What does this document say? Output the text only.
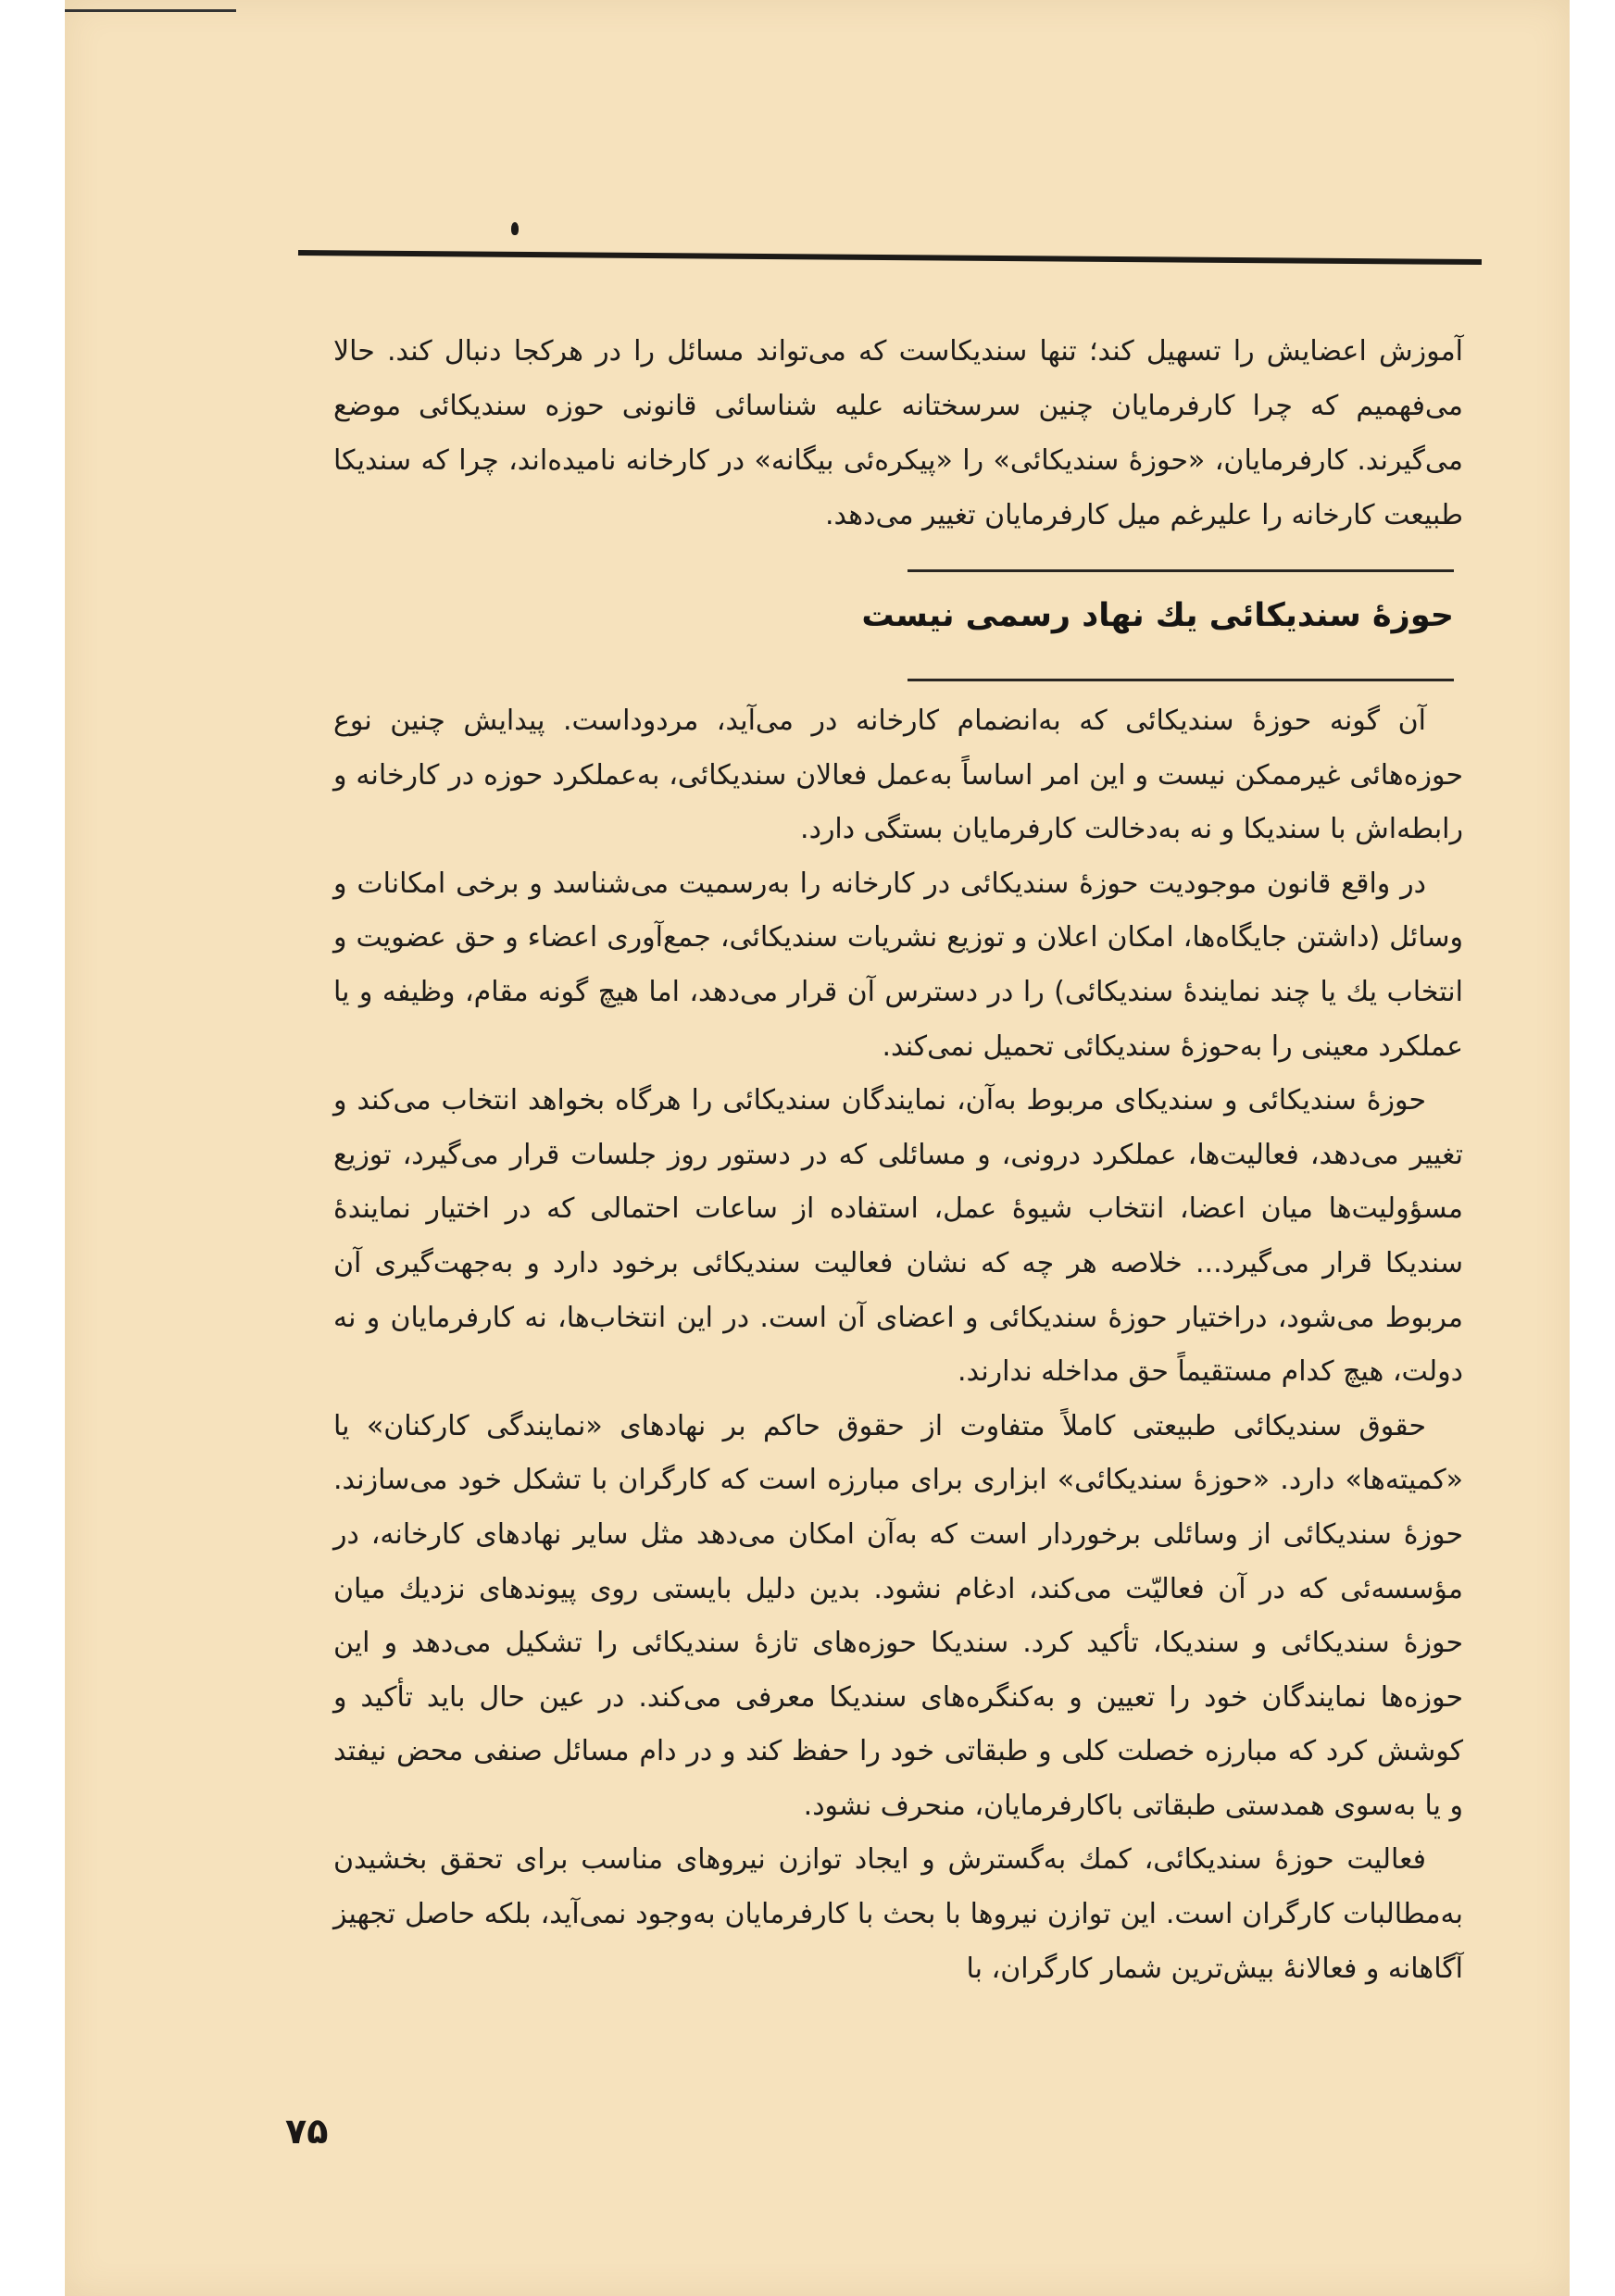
آموزش اعضایش را تسهیل کند؛ تنها سندیکاست که می‌تواند مسائل را در هرکجا دنبال کند. حالا می‌فهمیم که چرا کارفرمایان چنین سرسختانه علیه شناسائی قانونی حوزه سندیکائی موضع می‌گیرند. کارفرمایان، «حوزهٔ سندیکائی» را «پیکره‌ئی بیگانه» در کارخانه نامیده‌اند، چرا که سندیکا طبیعت کارخانه را علیرغم میل کارفرمایان تغییر می‌دهد.
حوزهٔ سندیکائی یك نهاد رسمی نیست

آن گونه حوزهٔ سندیکائی که به‌انضمام کارخانه در می‌آید، مردوداست. پیدایش چنین نوع حوزه‌هائی غیرممکن نیست و این امر اساساً به‌عمل فعالان سندیکائی، به‌عملکرد حوزه در کارخانه و رابطه‌اش با سندیکا و نه به‌دخالت کارفرمایان بستگی دارد.

در واقع قانون موجودیت حوزهٔ سندیکائی در کارخانه را به‌رسمیت می‌شناسد و برخی امکانات و وسائل (داشتن جایگاه‌ها، امکان اعلان و توزیع نشریات سندیکائی، جمع‌آوری اعضاء و حق عضویت و انتخاب یك یا چند نمایندهٔ سندیکائی) را در دسترس آن قرار می‌دهد، اما هیچ گونه مقام، وظیفه و یا عملکرد معینی را به‌حوزهٔ سندیکائی تحمیل نمی‌کند.

حوزهٔ سندیکائی و سندیکای مربوط به‌آن، نمایندگان سندیکائی را هرگاه بخواهد انتخاب می‌کند و تغییر می‌دهد، فعالیت‌ها، عملکرد درونی، و مسائلی که در دستور روز جلسات قرار می‌گیرد، توزیع مسؤولیت‌ها میان اعضا، انتخاب شیوهٔ عمل، استفاده از ساعات احتمالی که در اختیار نمایندهٔ سندیکا قرار می‌گیرد... خلاصه هر چه که نشان فعالیت سندیکائی برخود دارد و به‌جهت‌گیری آن مربوط می‌شود، دراختیار حوزهٔ سندیکائی و اعضای آن است. در این انتخاب‌ها، نه کارفرمایان و نه دولت، هیچ کدام مستقیماً حق مداخله ندارند.

حقوق سندیکائی طبیعتی کاملاً متفاوت از حقوق حاکم بر نهادهای «نمایندگی کارکنان» یا «کمیته‌ها» دارد. «حوزهٔ سندیکائی» ابزاری برای مبارزه است که کارگران با تشکل خود می‌سازند. حوزهٔ سندیکائی از وسائلی برخوردار است که به‌آن امکان می‌دهد مثل سایر نهادهای کارخانه، در مؤسسه‌ئی که در آن فعالیّت می‌کند، ادغام نشود. بدین دلیل بایستی روی پیوندهای نزدیك میان حوزهٔ سندیکائی و سندیکا، تأکید کرد. سندیکا حوزه‌های تازهٔ سندیکائی را تشکیل می‌دهد و این حوزه‌ها نمایندگان خود را تعیین و به‌کنگره‌های سندیکا معرفی می‌کند. در عین حال باید تأکید و کوشش کرد که مبارزه خصلت کلی و طبقاتی خود را حفظ کند و در دام مسائل صنفی محض نیفتد و یا به‌سوی همدستی طبقاتی باکارفرمایان، منحرف نشود.

فعالیت حوزهٔ سندیکائی، کمك به‌گسترش و ایجاد توازن نیروهای مناسب برای تحقق بخشیدن به‌مطالبات کارگران است. این توازن نیروها با بحث با کارفرمایان به‌وجود نمی‌آید، بلکه حاصل تجهیز آگاهانه و فعالانهٔ بیش‌ترین شمار کارگران، با

۷۵
